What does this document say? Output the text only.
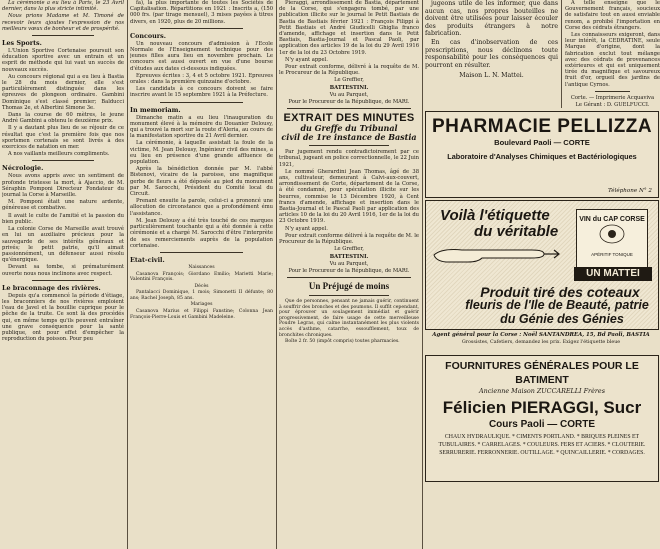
La cérémonie a eu lieu à Paris, le 23 Avril dernier, dans la plus stricte intimité.

Nous prions Madame et M. Timoné de recevoir leurs ajoutes l'expression de nos meilleurs vœux de bonheur et de prospérité.

Les Sports.

L'Union Sportive Cortenaise poursuit son éducation sportive avec un entrain et un esprit de méthode qui lui vaut un succès de nouveaux succès.

Au concours régional qui a eu lieu à Bastia le 28 du mois dernier, elle s'est particulièrement distinguée dans les épreuves de plongeon ordinaire. Gambini Dominique s'est classé premier; Balducci Thomas 2e, et Albertini Simone 3e.

Dans la course de 60 mètres, le jeune André Gambini a obtenu le deuxième prix.

Il y a dautant plus lieu de se réjouir de ce résultat que c'est la première fois que nos sportsmen cortenais se sont livrés à des exercices de natation en mer.

A nos vaillants meilleurs compliments.

Nécrologie.

Nous avons appris avec un sentiment de profonde tristesse la mort, à Ajaccio, de M. Séraphin Pomponi Directeur Fondateur du journal la Corse à Marseille.

M. Pomponi était une nature ardente, généreuse et combative.

Il avait le culte de l'amitié et la passion du bien public.

La colonie Corse de Marseille avait trouvé en lui un auxiliaire précieux pour la sauvegarde de ses intérêts généraux et privés; le petit patrie, qu'il aimait passionnément, un défenseur aussi résolu qu'énergique.

Devant sa tombe, si prématurément ouverte nous nous inclinons avec respect.

Le braconnage des rivières.

Depuis qu'a commencé la période d'étiage, les braconniers de nos rivières emploient l'eau de Javel et la bouillie cuprique pour le pêche de la truite. Ce sont là des procédés qui, en même temps qu'ils peuvent entraîner une grave conséquence pour la santé publique, ont pour effet d'empêcher la reproduction du poisson. Pour peu

fa), la plus importante de toutes les Sociétés de Capitalisation. Répartitions en 1921 : Inscrits a, (150 000 frs. (par tirage mensuel), 3 mises payées à titres divers, en 1920, plus de 20 millions.

Concours.

Un nouveau concours d'admission à l'Ecole Normale de l'Enseignement technique pour des jeunes filles aura lieu en novembre prochain. Le concours est aussi ouvert en vue d'une bourse d'études aux dates ci-dessous indiquées.

Epreuves écrites : 3, 4 et 5 octobre 1921. Epreuves orales : dans la première quinzaine d'octobre.

Les candidats à ce concours doivent se faire inscrire avant le 15 septembre 1921 à la Préfecture.

In memoriam.

Dimanche matin a eu lieu l'inauguration du monument élevé à la mémoire du Douanier Delousy, qui a trouvé la mort sur la route d'Aleria, au cours de la manifestation sportive du 21 Avril dernier.

La cérémonie, à laquelle assistait la foule de la victime, M. Jean Delousy, Ingénieur civil des mines, a eu lieu en présence d'une grande affluence de population.

Après la bénédiction donnée par M. l'abbé Bistenovi, vicaire de la paroisse, une magnifique gerbe de fleurs a été déposée au pied du monument par M. Sarocchi, Président du Comité local du Circuit.

Prenant ensuite la parole, celui-ci a prononcé une allocution de circonstance que a profondément ému l'assistance.

M. Jean Delousy a été très touché de ces marques particulièrement touchante qui a été donnée à cette cérémonie et a chargé M. Sarocchi d'être l'interprète de ses remerciements auprès de la population cortenaise.

Etat-civil.

Naissances

Casanova François; Giordano Emilio; Marietti Marie; Valentini François.

Décès

Pantalacci Dominique, 1 mois; Simonetti II défunte; 80 ans; Rachel Joseph, 85 ans.

Mariages

Casanova Marius et Filippi Fanstine; Colonna Jean François-Pierre-Louis et Gambini Madeleine.

Pieraggi, arrondissement de Bastia, département de la Corse, qui s'engagera tombé, par une publication illicite sur le journal le Petit Bastiais de Bastia de Bastiais février 1921 : François Filippi à Petit Bastiais et André Giudicelli Ghiglia franco d'amende, affichage et insertion dans le Petit Bastiais, Bastia-Journal et Pascal Paoli, par application des articles 19 de la loi du 29 Avril 1916 1er de la loi du 23 Octobre 1919.

N'y ayant appel.

Pour extrait conforme, délivré à la requête de M. le Procureur de la République.

Le Greffier,

BATTESTINI.

Vu au Parquet,

Pour le Procureur de la République, de MARI.

EXTRAIT DES MINUTES
du Greffe du Tribunal
civil de 1re instance de Bastia

Par jugement rendu contradictoirement par ce tribunal, jugeant en police correctionnelle, le 22 Juin 1921,

Le nommé Gherardini Jean Thomas, âgé de 38 ans, cultivateur, demeurant à Calvi-aux-couvert, arrondissement de Corte, département de la Corse, à été condamné, pour spéculation illicite sur les beurres, commise le 13 Décembre 1920, à Cent francs d'amende, affichage et insertion dans le Bastia-Journal et le Pascal Paoli par application des articles 10 de la loi du 20 Avril 1916, 1er de la loi du 23 Octobre 1919.

N'y ayant appel.

Pour extrait conforme délivré à la requête de M. le Procureur de la République.

Le Greffier,

BATTESTINI.

Vu au Parquet,

Pour le Procureur de la République, de MARI.

Un Préjugé de moins

Que de personnes, pensant ne jamais guérir, continuent à souffrir des bronches et des poumons. Il suffit cependant, pour éprouver un soulagement immédiat et guérir progressivement, de faire usage de cette merveilleuse Poudre Legras, qui calme instantanément les plus violents accès d'asthme, catarrhe, essoufflement, toux de bronchites chroniques.

Boîte 2 fr. 50 (impôt compris) toutes pharmacies.

jugeons utile de les informer, que dans aucun cas, nos propres bouteilles ne doivent être utilisées pour laisser écouler des produits étrangers à notre fabrication.

En cas d'inobservation de ces prescriptions, nous déclinons toute responsabilité pour les conséquences qui pourront en résulter.

Maison L. N. Mattei.

A telle enseigne que le Gouvernement français, soucieux de satisfaire tout en aussi enviable renom, a prohibé l'importation en Corse des cédrats étrangers.

Les connaisseurs exigeront, dans leur intérêt, la CEDRATINE, seule Marque d'origine, dont la fabrication exclut tout mélange avec des cédrats de provenances extérieures et qui est uniquement tirée du magnifique et savoureux fruit d'or, orgueil des jardins de l'antique Cyrnos.

Corte. — Imprimerie Acquaviva

Le Gérant : D. GUELFUCCI.

PHARMACIE PELLIZZA
Boulevard Paoli — CORTE
Laboratoire d'Analyses Chimiques et Bactériologiques
Téléphone N° 2
Voilà l'étiquette
du véritable
VIN du CAP CORSE
APÉRITIF TONIQUE
UN MATTEI
Produit tiré des coteaux
fleuris de l'Ile de Beauté, patrie
du Génie des Génies
Agent général pour la Corse : Noël SANTANDREA, 15, Bd Paoli, BASTIA
Grossistes, Cafetiers, demandez les prix. Exigez l'étiquette bleue
FOURNITURES GÉNÉRALES POUR LE BATIMENT
Ancienne Maison ZUCCARELLI Frères
Félicien PIERAGGI, Sucr
Cours Paoli — CORTE
CHAUX HYDRAULIQUE. * CIMENTS PORTLAND. * BRIQUES PLEINES ET TUBULAIRES. * CARRELAGES. * COULEURS. FERS ET ACIERS. * CLOUTERIE. SERRURERIE. FERRONNERIE. OUTILLAGE. * QUINCAILLERIE. * CORDAGES.
